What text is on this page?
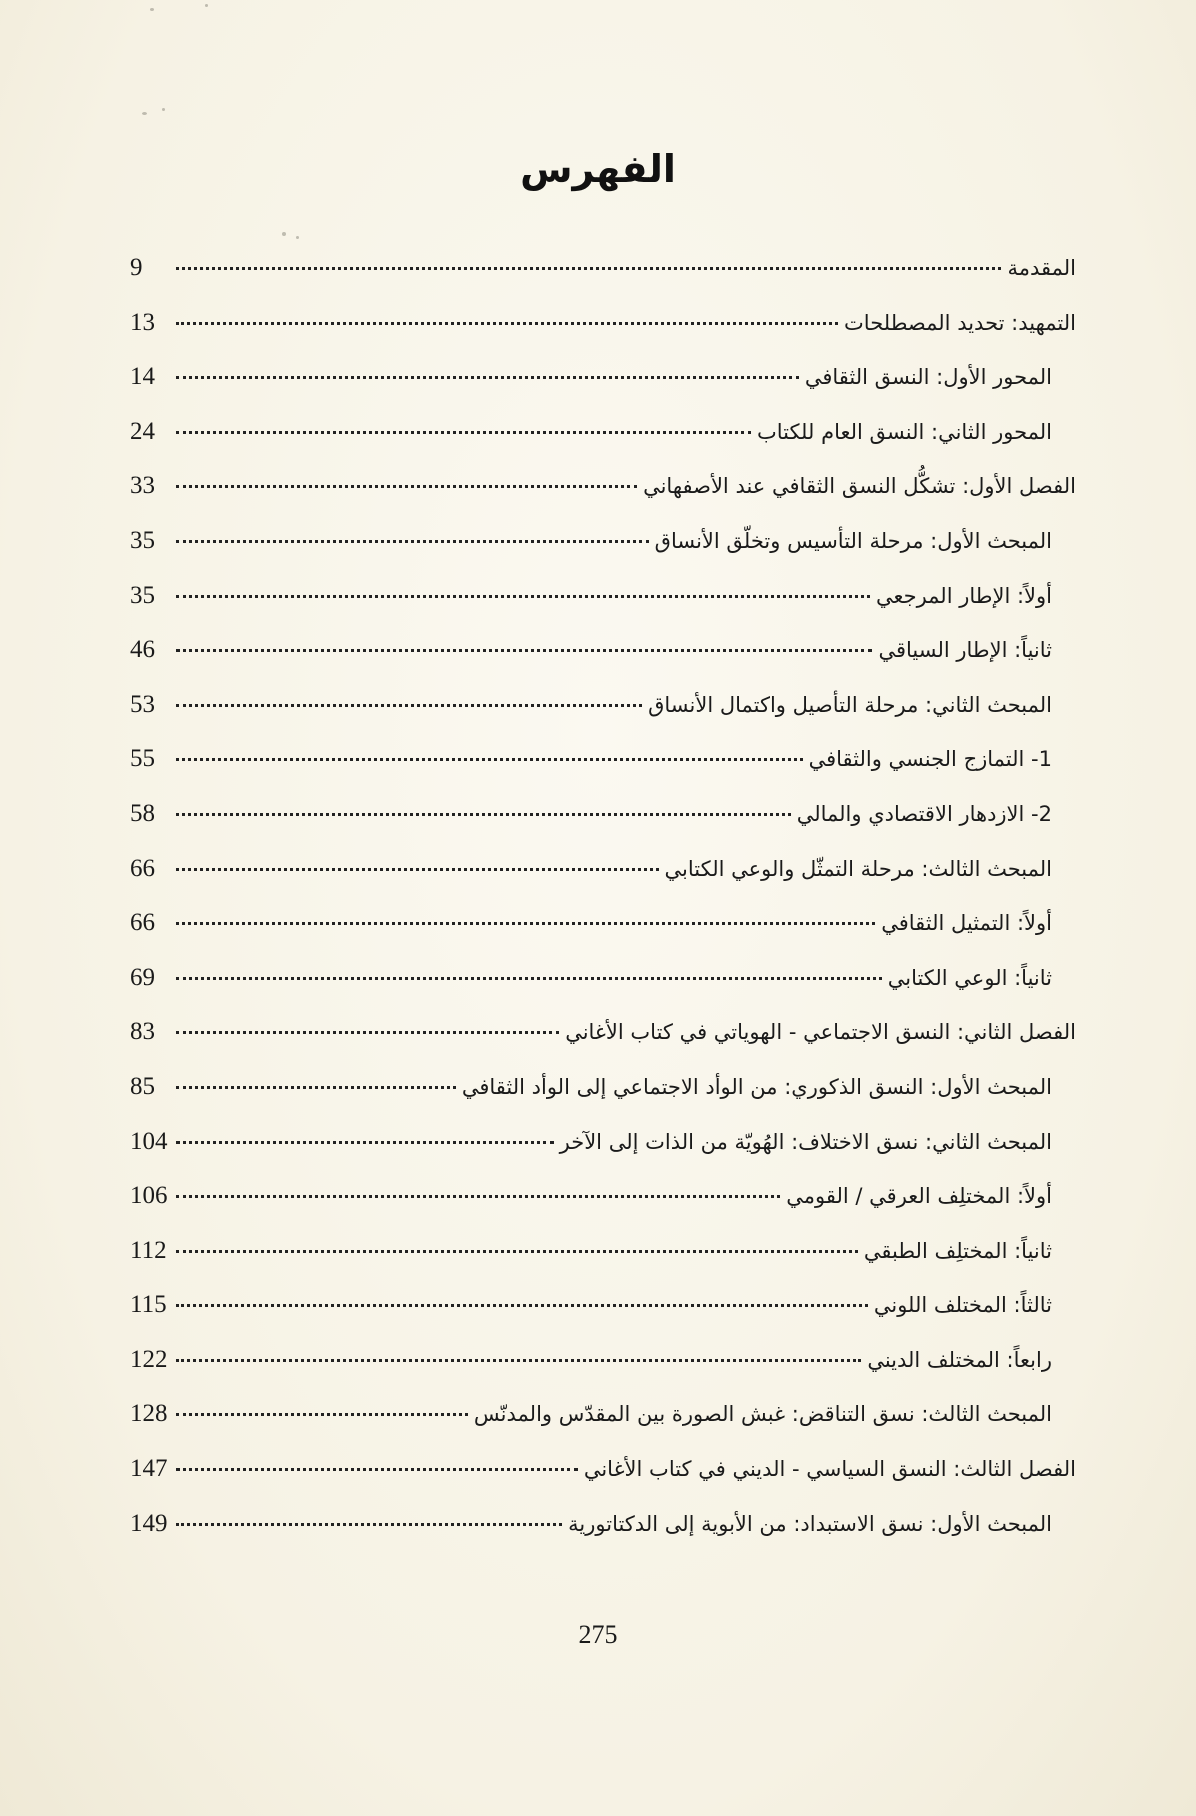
الفهرس
المقدمة
9
التمهيد: تحديد المصطلحات
13
المحور الأول: النسق الثقافي
14
المحور الثاني: النسق العام للكتاب
24
الفصل الأول: تشكُّل النسق الثقافي عند الأصفهاني
33
المبحث الأول: مرحلة التأسيس وتخلّق الأنساق
35
أولاً: الإطار المرجعي
35
ثانياً: الإطار السياقي
46
المبحث الثاني: مرحلة التأصيل واكتمال الأنساق
53
1- التمازج الجنسي والثقافي
55
2- الازدهار الاقتصادي والمالي
58
المبحث الثالث: مرحلة التمثّل والوعي الكتابي
66
أولاً: التمثيل الثقافي
66
ثانياً: الوعي الكتابي
69
الفصل الثاني: النسق الاجتماعي - الهوياتي في كتاب الأغاني
83
المبحث الأول: النسق الذكوري: من الوأد الاجتماعي إلى الوأد الثقافي
85
المبحث الثاني: نسق الاختلاف: الهُويّة من الذات إلى الآخر
104
أولاً: المختلِف العرقي / القومي
106
ثانياً: المختلِف الطبقي
112
ثالثاً: المختلف اللوني
115
رابعاً: المختلف الديني
122
المبحث الثالث: نسق التناقض: غبش الصورة بين المقدّس والمدنّس
128
الفصل الثالث: النسق السياسي - الديني في كتاب الأغاني
147
المبحث الأول: نسق الاستبداد: من الأبوية إلى الدكتاتورية
149
275
